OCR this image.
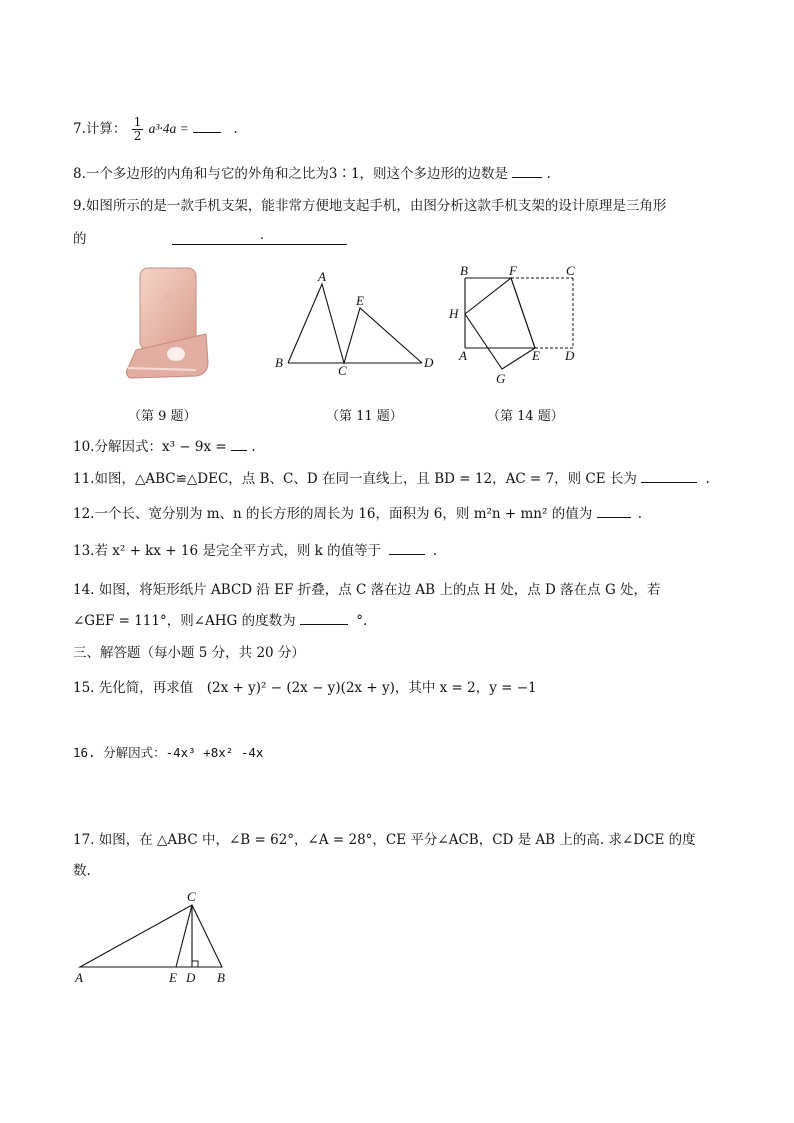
7.计算： $\frac{1}{2} a^3\cdot 4a$ =	.
8.一个多边形的内角和与它的外角和之比为3∶1，则这个多边形的边数是	.
9.如图所示的是一款手机支架，能非常方便地支起手机，由图分析这款手机支架的设计原理是三角形
的	.
A
B
C
D
E
B	F	C
H
A	E D
G
（第 9 题）	（第 11 题）	（第 14 题）
10.分解因式：x³ − 9x = .
11.如图，△ABC≌△DEC，点 B、C、D 在同一直线上，且 BD = 12，AC = 7，则 CE 长为	.
12.一个长、宽分别为 m、n 的长方形的周长为 16，面积为 6，则 m²n + mn² 的值为	.
13.若 x² + kx + 16 是完全平方式，则 k 的值等于	.
14. 如图，将矩形纸片 ABCD 沿 EF 折叠，点 C 落在边 AB 上的点 H 处，点 D 落在点 G 处，若
∠GEF = 111°，则∠AHG 的度数为	°.
三、解答题（每小题 5 分，共 20 分）
15. 先化简，再求值　(2x + y)² − (2x − y)(2x + y)，其中 x = 2，y = −1
16. 分解因式：-4x³ +8x² -4x
17. 如图，在 △ABC 中，∠B = 62°，∠A = 28°，CE 平分∠ACB，CD 是 AB 上的高. 求∠DCE 的度
数.
C
A	E D B
